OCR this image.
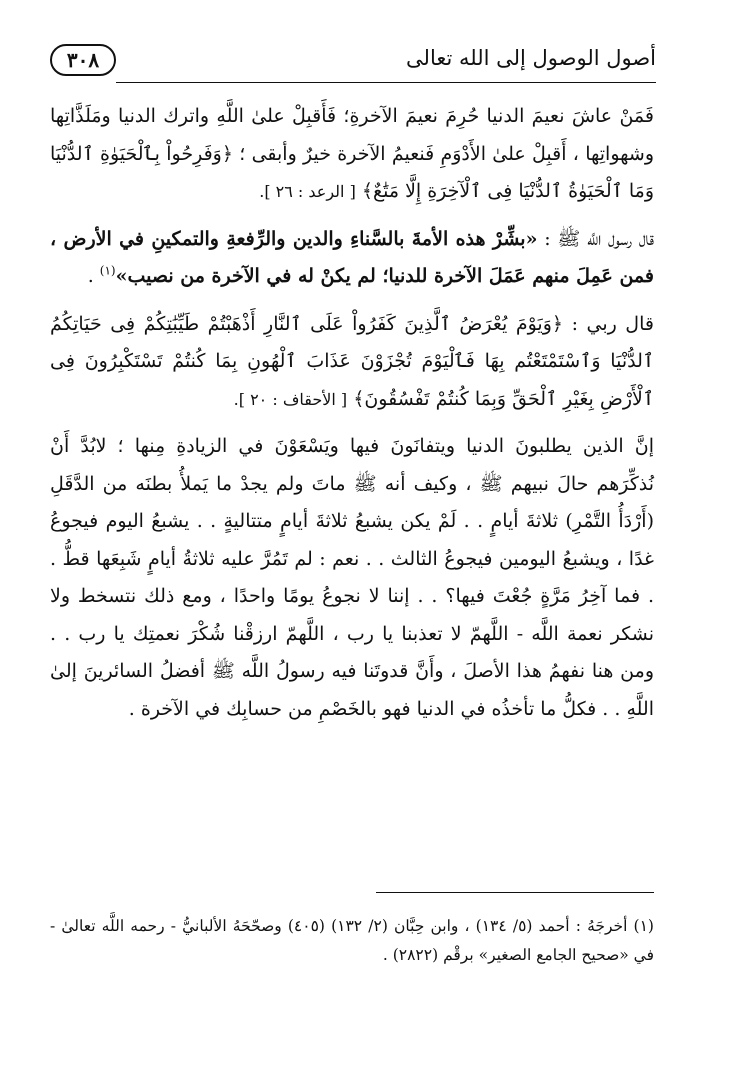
٣٠٨	أصول الوصول إلى الله تعالى

فَمَنْ عاشَ نعيمَ الدنيا حُرِمَ نعيمَ الآخرةِ؛ فَأَقبِلْ علىٰ اللَّهِ واترك الدنيا ومَلَذَّاتِها وشهواتِها ، أَقبِلْ علىٰ الأَدْوَمِ فَنعيمُ الآخرة خيرٌ وأبقى ؛ ﴿وَفَرِحُواْ بِٱلْحَيَوٰةِ ٱلدُّنْيَا وَمَا ٱلْحَيَوٰةُ ٱلدُّنْيَا فِى ٱلْآخِرَةِ إِلَّا مَتَٰعٌ﴾ [ الرعد : ٢٦ ].

قال رسول اللَّه ﷺ : «بشِّرْ هذه الأمةَ بالسَّناءِ والدين والرِّفعةِ والتمكينِ في الأرض ، فمن عَمِلَ منهم عَمَلَ الآخرة للدنيا؛ لم يكنْ له في الآخرة من نصيب»$^{(١)}$ .

قال ربي : ﴿وَيَوْمَ يُعْرَضُ ٱلَّذِينَ كَفَرُواْ عَلَى ٱلنَّارِ أَذْهَبْتُمْ طَيِّبَٰتِكُمْ فِى حَيَاتِكُمُ ٱلدُّنْيَا وَٱسْتَمْتَعْتُم بِهَا فَٱلْيَوْمَ تُجْزَوْنَ عَذَابَ ٱلْهُونِ بِمَا كُنتُمْ تَسْتَكْبِرُونَ فِى ٱلْأَرْضِ بِغَيْرِ ٱلْحَقِّ وَبِمَا كُنتُمْ تَفْسُقُونَ﴾ [ الأحقاف : ٢٠ ].

إنَّ الذين يطلبونَ الدنيا ويتفانَونَ فيها ويَسْعَوْنَ في الزيادةِ مِنها ؛ لابُدَّ أَنْ نُذكِّرَهم حالَ نبيهم ﷺ ، وكيف أنه ﷺ ماتَ ولم يجدْ ما يَملأُ بطنَه من الدَّقَلِ (أَرْدَأُ التَّمْرِ) ثلاثةَ أيامٍ . . لَمْ يكن يشبعُ ثلاثةَ أيامٍ متتاليةٍ . . يشبعُ اليوم فيجوعُ غدًا ، ويشبعُ اليومين فيجوعُ الثالث . . نعم : لم تَمُرَّ عليه ثلاثةُ أيامٍ شَبِعَها قطُّ . . فما آخِرُ مَرَّةٍ جُعْتَ فيها؟ . . إننا لا نجوعُ يومًا واحدًا ، ومع ذلك نتسخط ولا نشكر نعمة اللَّه - اللَّهمّ لا تعذبنا يا رب ، اللَّهمّ ارزقْنا شُكْرَ نعمتِك يا رب . . ومن هنا نفهمُ هذا الأصلَ ، وأَنَّ قدوتَنا فيه رسولُ اللَّه ﷺ أفضلُ السائرينَ إلىٰ اللَّهِ . . فكلُّ ما تأخذُه في الدنيا فهو بالخَصْمِ من حسابِك في الآخرة .

(١) أخرجَهُ : أحمد (٥/ ١٣٤) ، وابن حِبَّان (٢/ ١٣٢) (٤٠٥) وصحّحَهُ الألبانيُّ - رحمه اللَّه تعالىٰ - في «صحيح الجامع الصغير» برقْم (٢٨٢٢) .
